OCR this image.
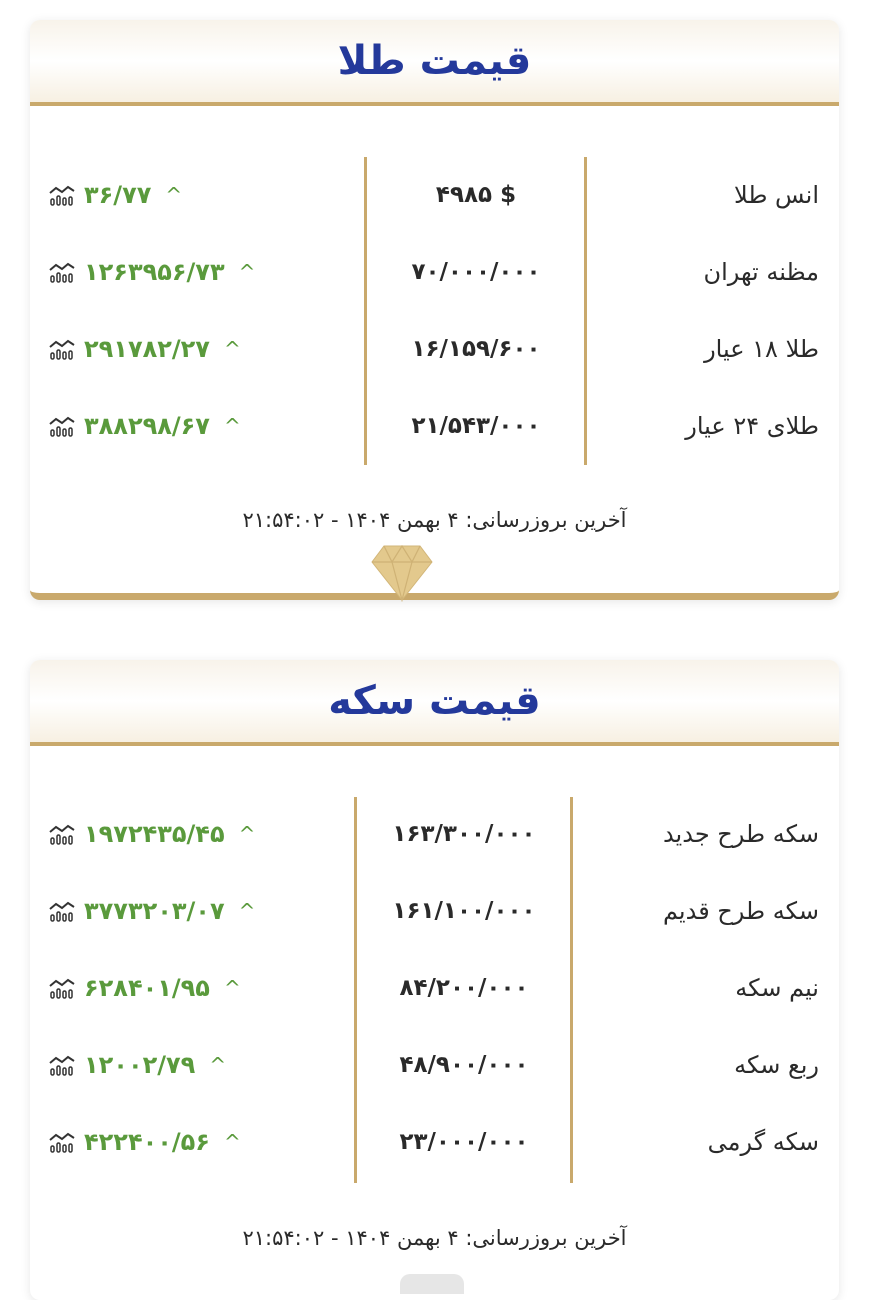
قیمت طلا
انس طلا
۴۹۸۵ $
۳۶/۷۷ ^
مظنه تهران
۷۰/۰۰۰/۰۰۰
۱۲۶۳۹۵۶/۷۳ ^
طلا ۱۸ عیار
۱۶/۱۵۹/۶۰۰
۲۹۱۷۸۲/۲۷ ^
طلای ۲۴ عیار
۲۱/۵۴۳/۰۰۰
۳۸۸۲۹۸/۶۷ ^
آخرین بروزرسانی: ۴ بهمن ۱۴۰۴ - ۲۱:۵۴:۰۲
قیمت سکه
سکه طرح جدید
۱۶۳/۳۰۰/۰۰۰
۱۹۷۲۴۳۵/۴۵ ^
سکه طرح قدیم
۱۶۱/۱۰۰/۰۰۰
۳۷۷۳۲۰۳/۰۷ ^
نیم سکه
۸۴/۲۰۰/۰۰۰
۶۲۸۴۰۱/۹۵ ^
ربع سکه
۴۸/۹۰۰/۰۰۰
۱۲۰۰۲/۷۹ ^
سکه گرمی
۲۳/۰۰۰/۰۰۰
۴۲۲۴۰۰/۵۶ ^
آخرین بروزرسانی: ۴ بهمن ۱۴۰۴ - ۲۱:۵۴:۰۲
